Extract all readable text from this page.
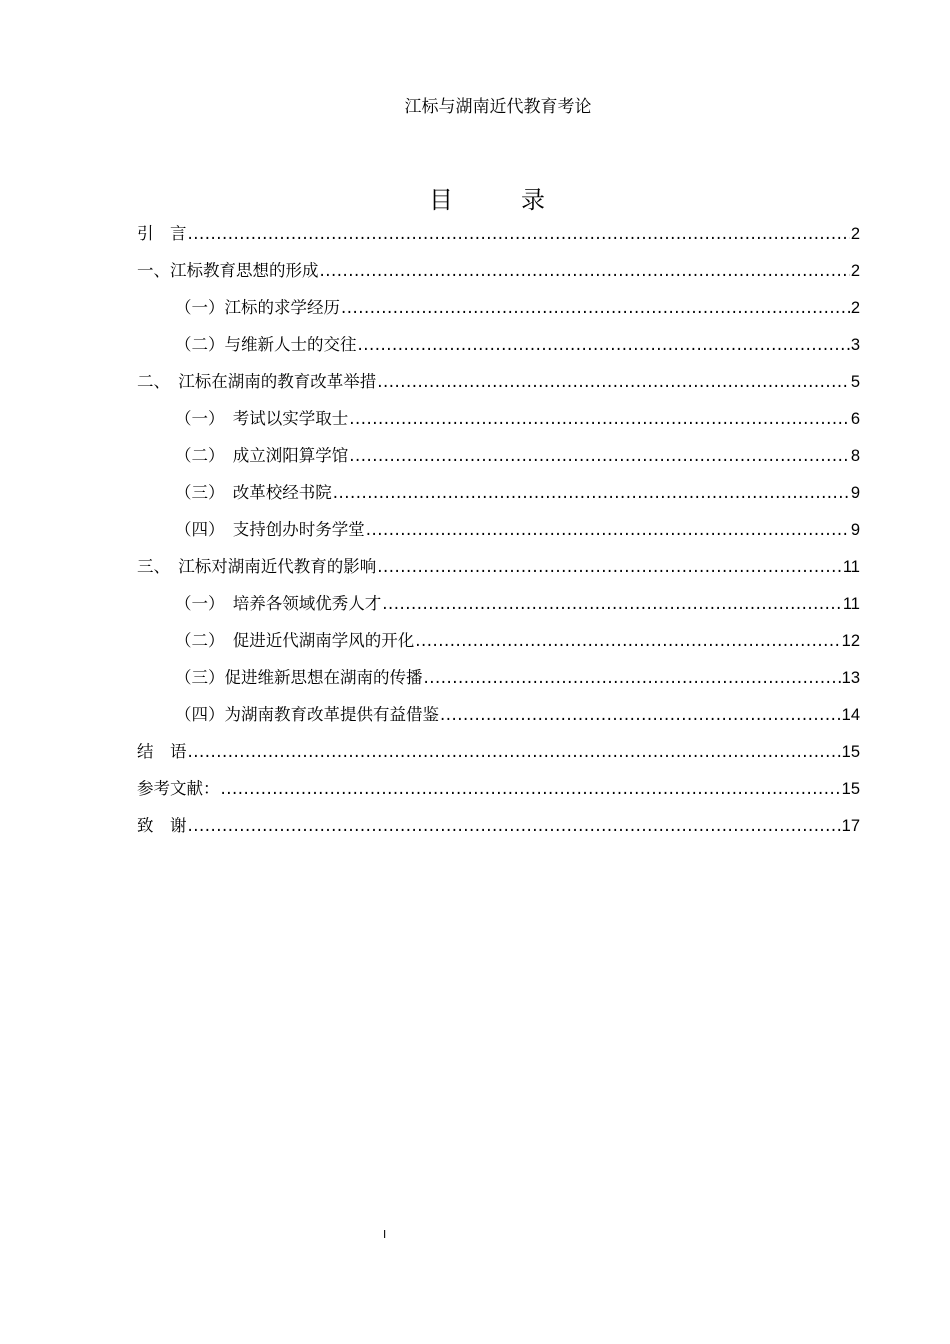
江标与湖南近代教育考论
目　录
引　言 .....	2
一、江标教育思想的形成 .....	2
（一）江标的求学经历 .....	2
（二）与维新人士的交往 .....	3
二、　江标在湖南的教育改革举措 .....	5
（一）　考试以实学取士 .....	6
（二）　成立浏阳算学馆 .....	8
（三）　改革校经书院 .....	9
（四）　支持创办时务学堂 .....	9
三、　江标对湖南近代教育的影响 .....	11
（一）　培养各领域优秀人才 .....	11
（二）　促进近代湖南学风的开化 .....	12
（三）促进维新思想在湖南的传播 .....	13
（四）为湖南教育改革提供有益借鉴 .....	14
结　语 .....	15
参考文献： .....	15
致　谢 .....	17
I
